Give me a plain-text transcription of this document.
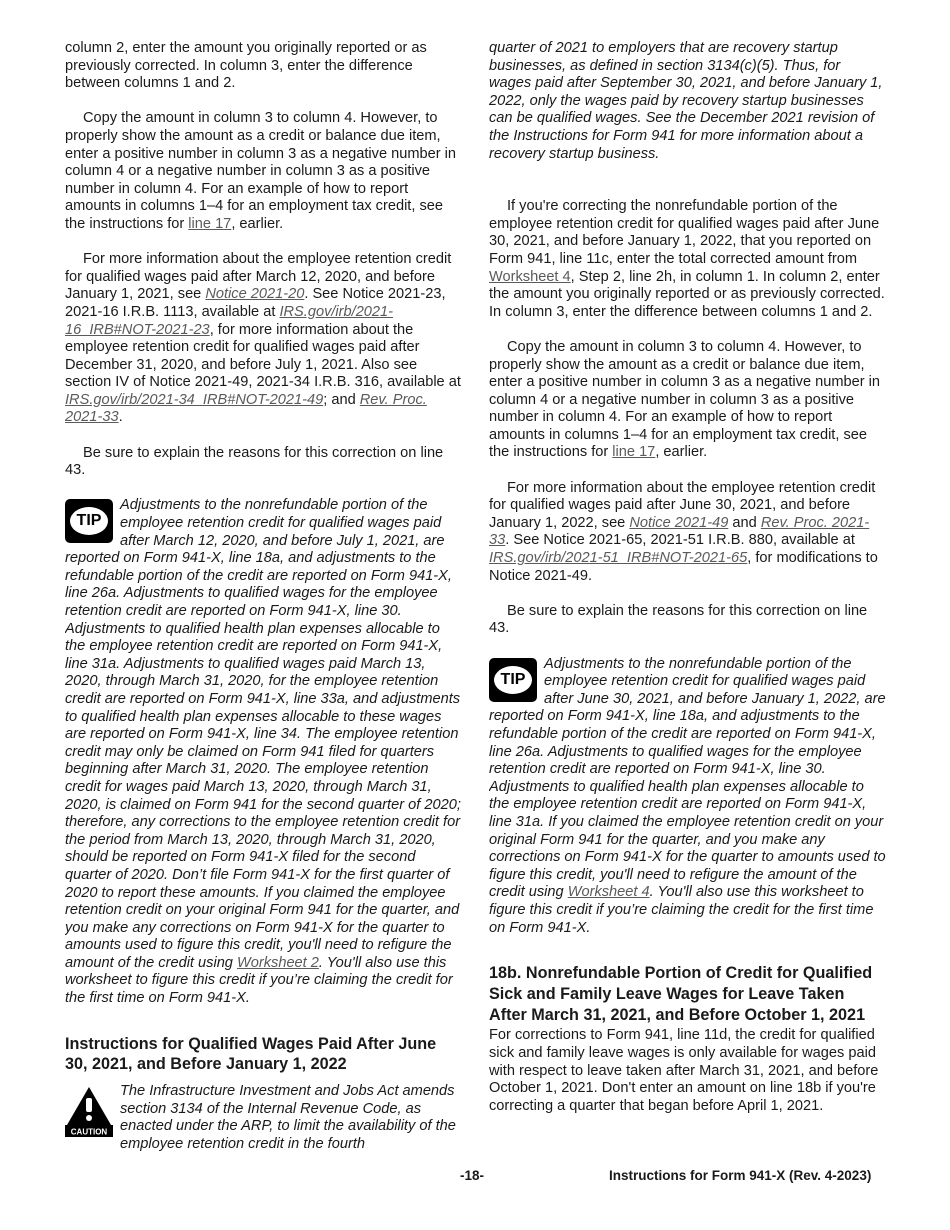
column 2, enter the amount you originally reported or as previously corrected. In column 3, enter the difference between columns 1 and 2.

Copy the amount in column 3 to column 4. However, to properly show the amount as a credit or balance due item, enter a positive number in column 3 as a negative number in column 4 or a negative number in column 3 as a positive number in column 4. For an example of how to report amounts in columns 1–4 for an employment tax credit, see the instructions for line 17, earlier.

For more information about the employee retention credit for qualified wages paid after March 12, 2020, and before January 1, 2021, see Notice 2021-20. See Notice 2021-23, 2021-16 I.R.B. 1113, available at IRS.gov/irb/2021-16_IRB#NOT-2021-23, for more information about the employee retention credit for qualified wages paid after December 31, 2020, and before July 1, 2021. Also see section IV of Notice 2021-49, 2021-34 I.R.B. 316, available at IRS.gov/irb/2021-34_IRB#NOT-2021-49; and Rev. Proc. 2021-33.

Be sure to explain the reasons for this correction on line 43.

TIP

Adjustments to the nonrefundable portion of the employee retention credit for qualified wages paid after March 12, 2020, and before July 1, 2021, are reported on Form 941-X, line 18a, and adjustments to the refundable portion of the credit are reported on Form 941-X, line 26a. Adjustments to qualified wages for the employee retention credit are reported on Form 941-X, line 30. Adjustments to qualified health plan expenses allocable to the employee retention credit are reported on Form 941-X, line 31a. Adjustments to qualified wages paid March 13, 2020, through March 31, 2020, for the employee retention credit are reported on Form 941-X, line 33a, and adjustments to qualified health plan expenses allocable to these wages are reported on Form 941-X, line 34. The employee retention credit may only be claimed on Form 941 filed for quarters beginning after March 31, 2020. The employee retention credit for wages paid March 13, 2020, through March 31, 2020, is claimed on Form 941 for the second quarter of 2020; therefore, any corrections to the employee retention credit for the period from March 13, 2020, through March 31, 2020, should be reported on Form 941-X filed for the second quarter of 2020. Don’t file Form 941-X for the first quarter of 2020 to report these amounts. If you claimed the employee retention credit on your original Form 941 for the quarter, and you make any corrections on Form 941-X for the quarter to amounts used to figure this credit, you'll need to refigure the amount of the credit using Worksheet 2. You'll also use this worksheet to figure this credit if you’re claiming the credit for the first time on Form 941-X.

Instructions for Qualified Wages Paid After June 30, 2021, and Before January 1, 2022
CAUTION

The Infrastructure Investment and Jobs Act amends section 3134 of the Internal Revenue Code, as enacted under the ARP, to limit the availability of the employee retention credit in the fourth

quarter of 2021 to employers that are recovery startup businesses, as defined in section 3134(c)(5). Thus, for wages paid after September 30, 2021, and before January 1, 2022, only the wages paid by recovery startup businesses can be qualified wages. See the December 2021 revision of the Instructions for Form 941 for more information about a recovery startup business.

If you're correcting the nonrefundable portion of the employee retention credit for qualified wages paid after June 30, 2021, and before January 1, 2022, that you reported on Form 941, line 11c, enter the total corrected amount from Worksheet 4, Step 2, line 2h, in column 1. In column 2, enter the amount you originally reported or as previously corrected. In column 3, enter the difference between columns 1 and 2.

Copy the amount in column 3 to column 4. However, to properly show the amount as a credit or balance due item, enter a positive number in column 3 as a negative number in column 4 or a negative number in column 3 as a positive number in column 4. For an example of how to report amounts in columns 1–4 for an employment tax credit, see the instructions for line 17, earlier.

For more information about the employee retention credit for qualified wages paid after June 30, 2021, and before January 1, 2022, see Notice 2021-49 and Rev. Proc. 2021-33. See Notice 2021-65, 2021-51 I.R.B. 880, available at IRS.gov/irb/2021-51_IRB#NOT-2021-65, for modifications to Notice 2021-49.

Be sure to explain the reasons for this correction on line 43.

TIP

Adjustments to the nonrefundable portion of the employee retention credit for qualified wages paid after June 30, 2021, and before January 1, 2022, are reported on Form 941-X, line 18a, and adjustments to the refundable portion of the credit are reported on Form 941-X, line 26a. Adjustments to qualified wages for the employee retention credit are reported on Form 941-X, line 30. Adjustments to qualified health plan expenses allocable to the employee retention credit are reported on Form 941-X, line 31a. If you claimed the employee retention credit on your original Form 941 for the quarter, and you make any corrections on Form 941-X for the quarter to amounts used to figure this credit, you'll need to refigure the amount of the credit using Worksheet 4. You'll also use this worksheet to figure this credit if you’re claiming the credit for the first time on Form 941-X.

18b. Nonrefundable Portion of Credit for Qualified Sick and Family Leave Wages for Leave Taken After March 31, 2021, and Before October 1, 2021

For corrections to Form 941, line 11d, the credit for qualified sick and family leave wages is only available for wages paid with respect to leave taken after March 31, 2021, and before October 1, 2021. Don't enter an amount on line 18b if you're correcting a quarter that began before April 1, 2021.

-18-	Instructions for Form 941-X (Rev. 4-2023)
